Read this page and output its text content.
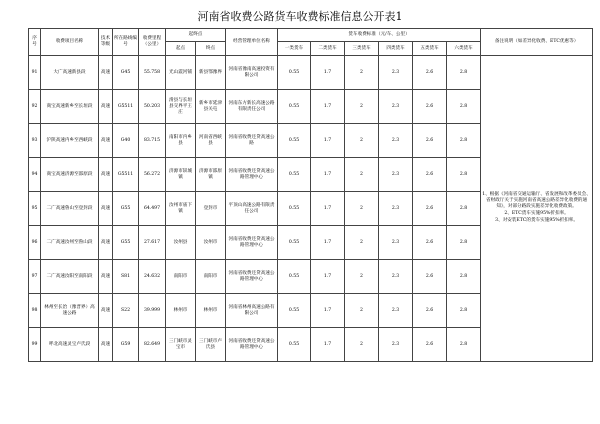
河南省收费公路货车收费标准信息公开表1
序号	收费项目名称	技术等级	所在路线编号	收费里程（公里）	起终点		经营管理单位名称	货车收费标准（元/车、公里）						备注说明（如差异化收费、ETC优惠等）
					起点	终点		一类货车	二类货车	三类货车	四类货车	五类货车	六类货车	

91	大广高速新县段	高速	G45	55.758	光山震河铺	新县鄂豫界	河南省豫南高速投资有限公司	0.55	1.7	2	2.3	2.6	2.8	1、根据《河南省交通运输厅、省发展和改革委员会、省财政厅关于实施河南省高速公路差异化收费的通知》，对部分路段实施差异化收费政策。
2、ETC货车实施95%折扣率。
3、对安装ETC的货车实施95%折扣率。

92	商宝高速新乡至长垣段	高速	G5511	50.203	滑县与长垣县交界平王庄	新乡市延津县关屯	河南东方新长高速公路有限责任公司	0.55	1.7	2	2.3	2.6	2.8	
93	沪陕高速内乡至西峡段	高速	G40	83.715	南阳市内乡县	河南省西峡县	河南省收费还贷高速公路	0.55	1.7	2	2.3	2.6	2.8	
94	商宝高速济源至邵原段	高速	G5511	56.272	济源市轵城镇	济源市邵原镇	河南省收费还贷高速公路管理中心	0.55	1.7	2	2.3	2.6	2.8	
95	二广高速鲁山至登封段	高速	G55	64.497	汝州市庙下镇	登封市	平顶山高速公路有限责任公司	0.55	1.7	2	2.3	2.6	2.8	
96	二广高速汝州至鲁山段	高速	G55	27.617	汝州县	汝州市	河南省收费还贷高速公路管理中心	0.55	1.7	2	2.3	2.6	2.8	
97	二广高速汝阳至南阳段	高速	S81	24.632	南阳市	南阳市	河南省收费还贷高速公路管理中心	0.55	1.7	2	2.3	2.6	2.8	
98	林州至长治（豫晋界）高速公路	高速	S22	39.999	林州市	林州市	河南省林州高速公路有限公司	0.55	1.7	2	2.3	2.6	2.8	
99	呼北高速灵宝卢氏段	高速	G59	82.649	三门峡市灵宝市	三门峡市卢氏县	河南省收费还贷高速公路管理中心	0.55	1.7	2	2.3	2.6	2.8	
